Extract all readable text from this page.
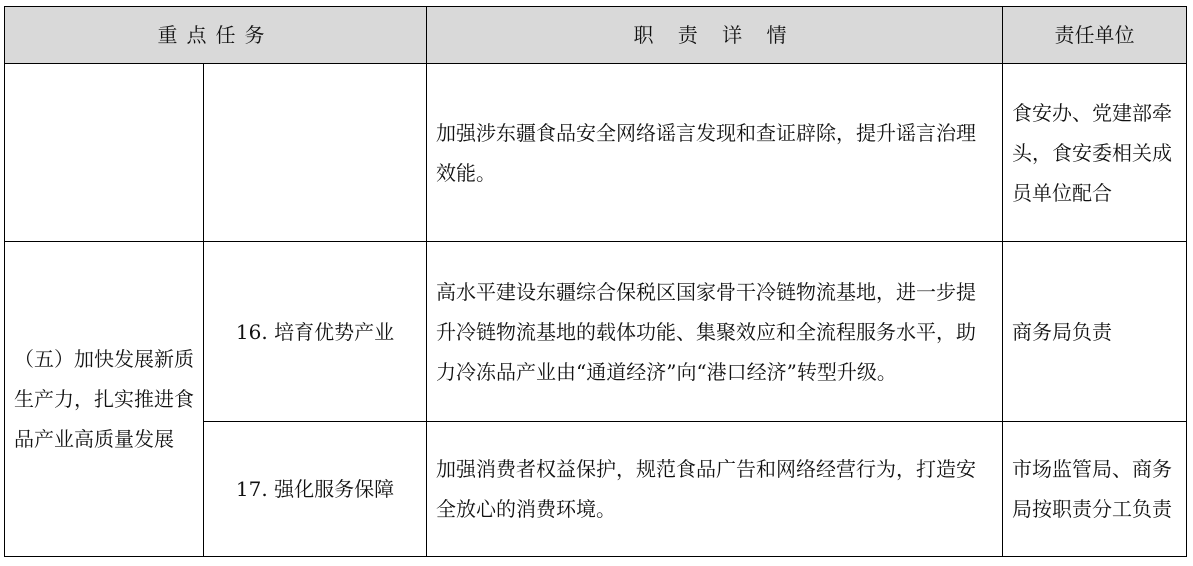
重点任务		职 责 详 情	责任单位
		加强涉东疆食品安全网络谣言发现和查证辟除，提升谣言治理效能。	食安办、党建部牵头，食安委相关成员单位配合
（五）加快发展新质生产力，扎实推进食品产业高质量发展	16. 培育优势产业	高水平建设东疆综合保税区国家骨干冷链物流基地，进一步提升冷链物流基地的载体功能、集聚效应和全流程服务水平，助力冷冻品产业由“通道经济”向“港口经济”转型升级。	商务局负责
	17. 强化服务保障	加强消费者权益保护，规范食品广告和网络经营行为，打造安全放心的消费环境。	市场监管局、商务局按职责分工负责
